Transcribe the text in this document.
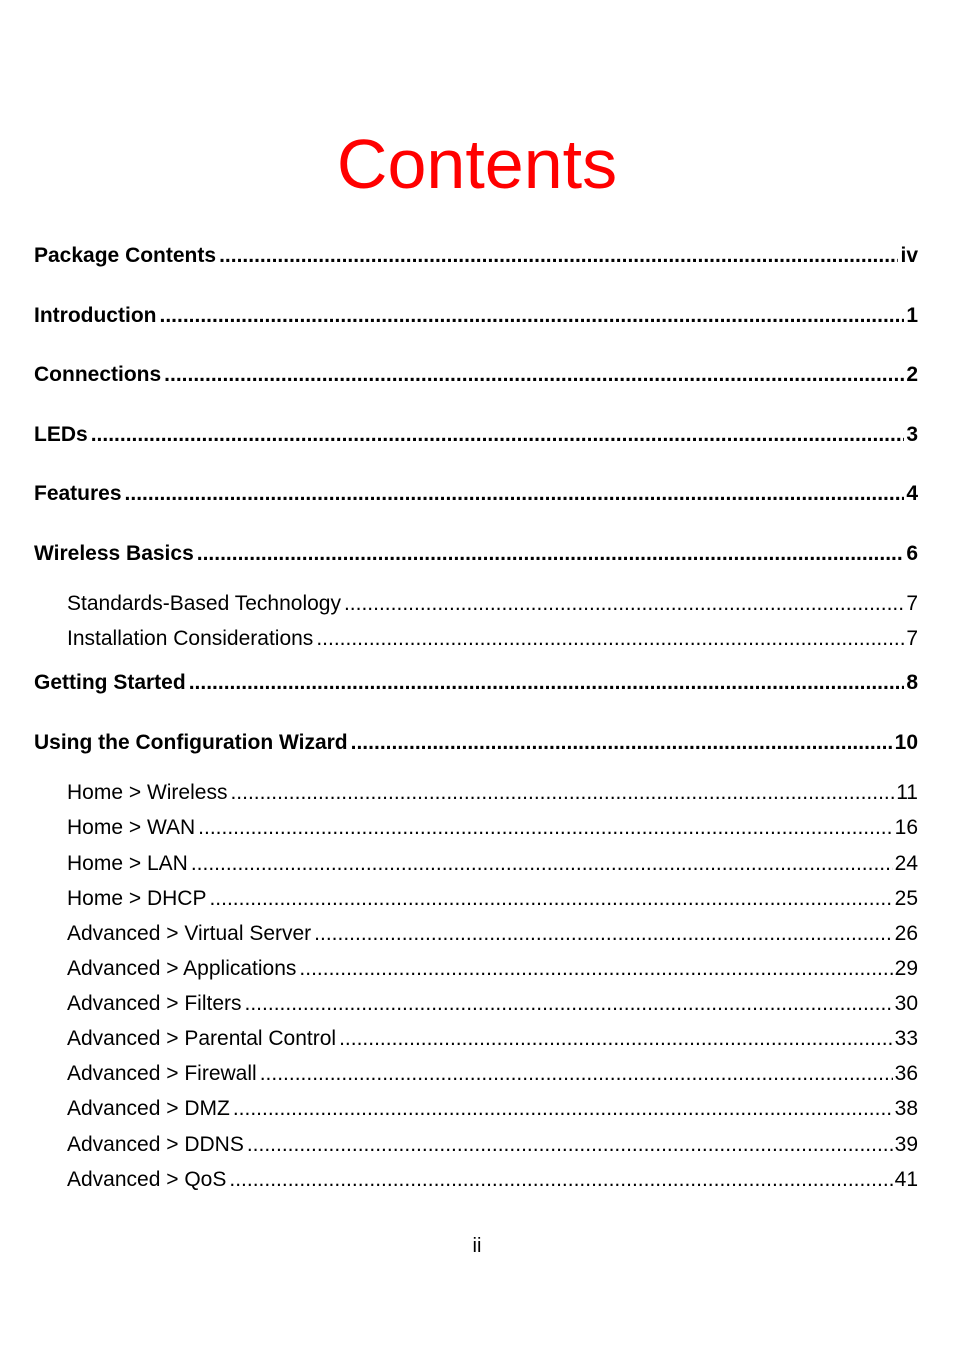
Contents
Package Contents .....	iv
Introduction .....	1
Connections .....	2
LEDs .....	3
Features .....	4
Wireless Basics .....	6
Standards-Based Technology .....	7
Installation Considerations .....	7
Getting Started .....	8
Using the Configuration Wizard .....	10
Home > Wireless .....	11
Home > WAN .....	16
Home > LAN .....	24
Home > DHCP .....	25
Advanced > Virtual Server .....	26
Advanced > Applications .....	29
Advanced > Filters .....	30
Advanced > Parental Control .....	33
Advanced > Firewall .....	36
Advanced > DMZ .....	38
Advanced > DDNS .....	39
Advanced > QoS .....	41
ii
